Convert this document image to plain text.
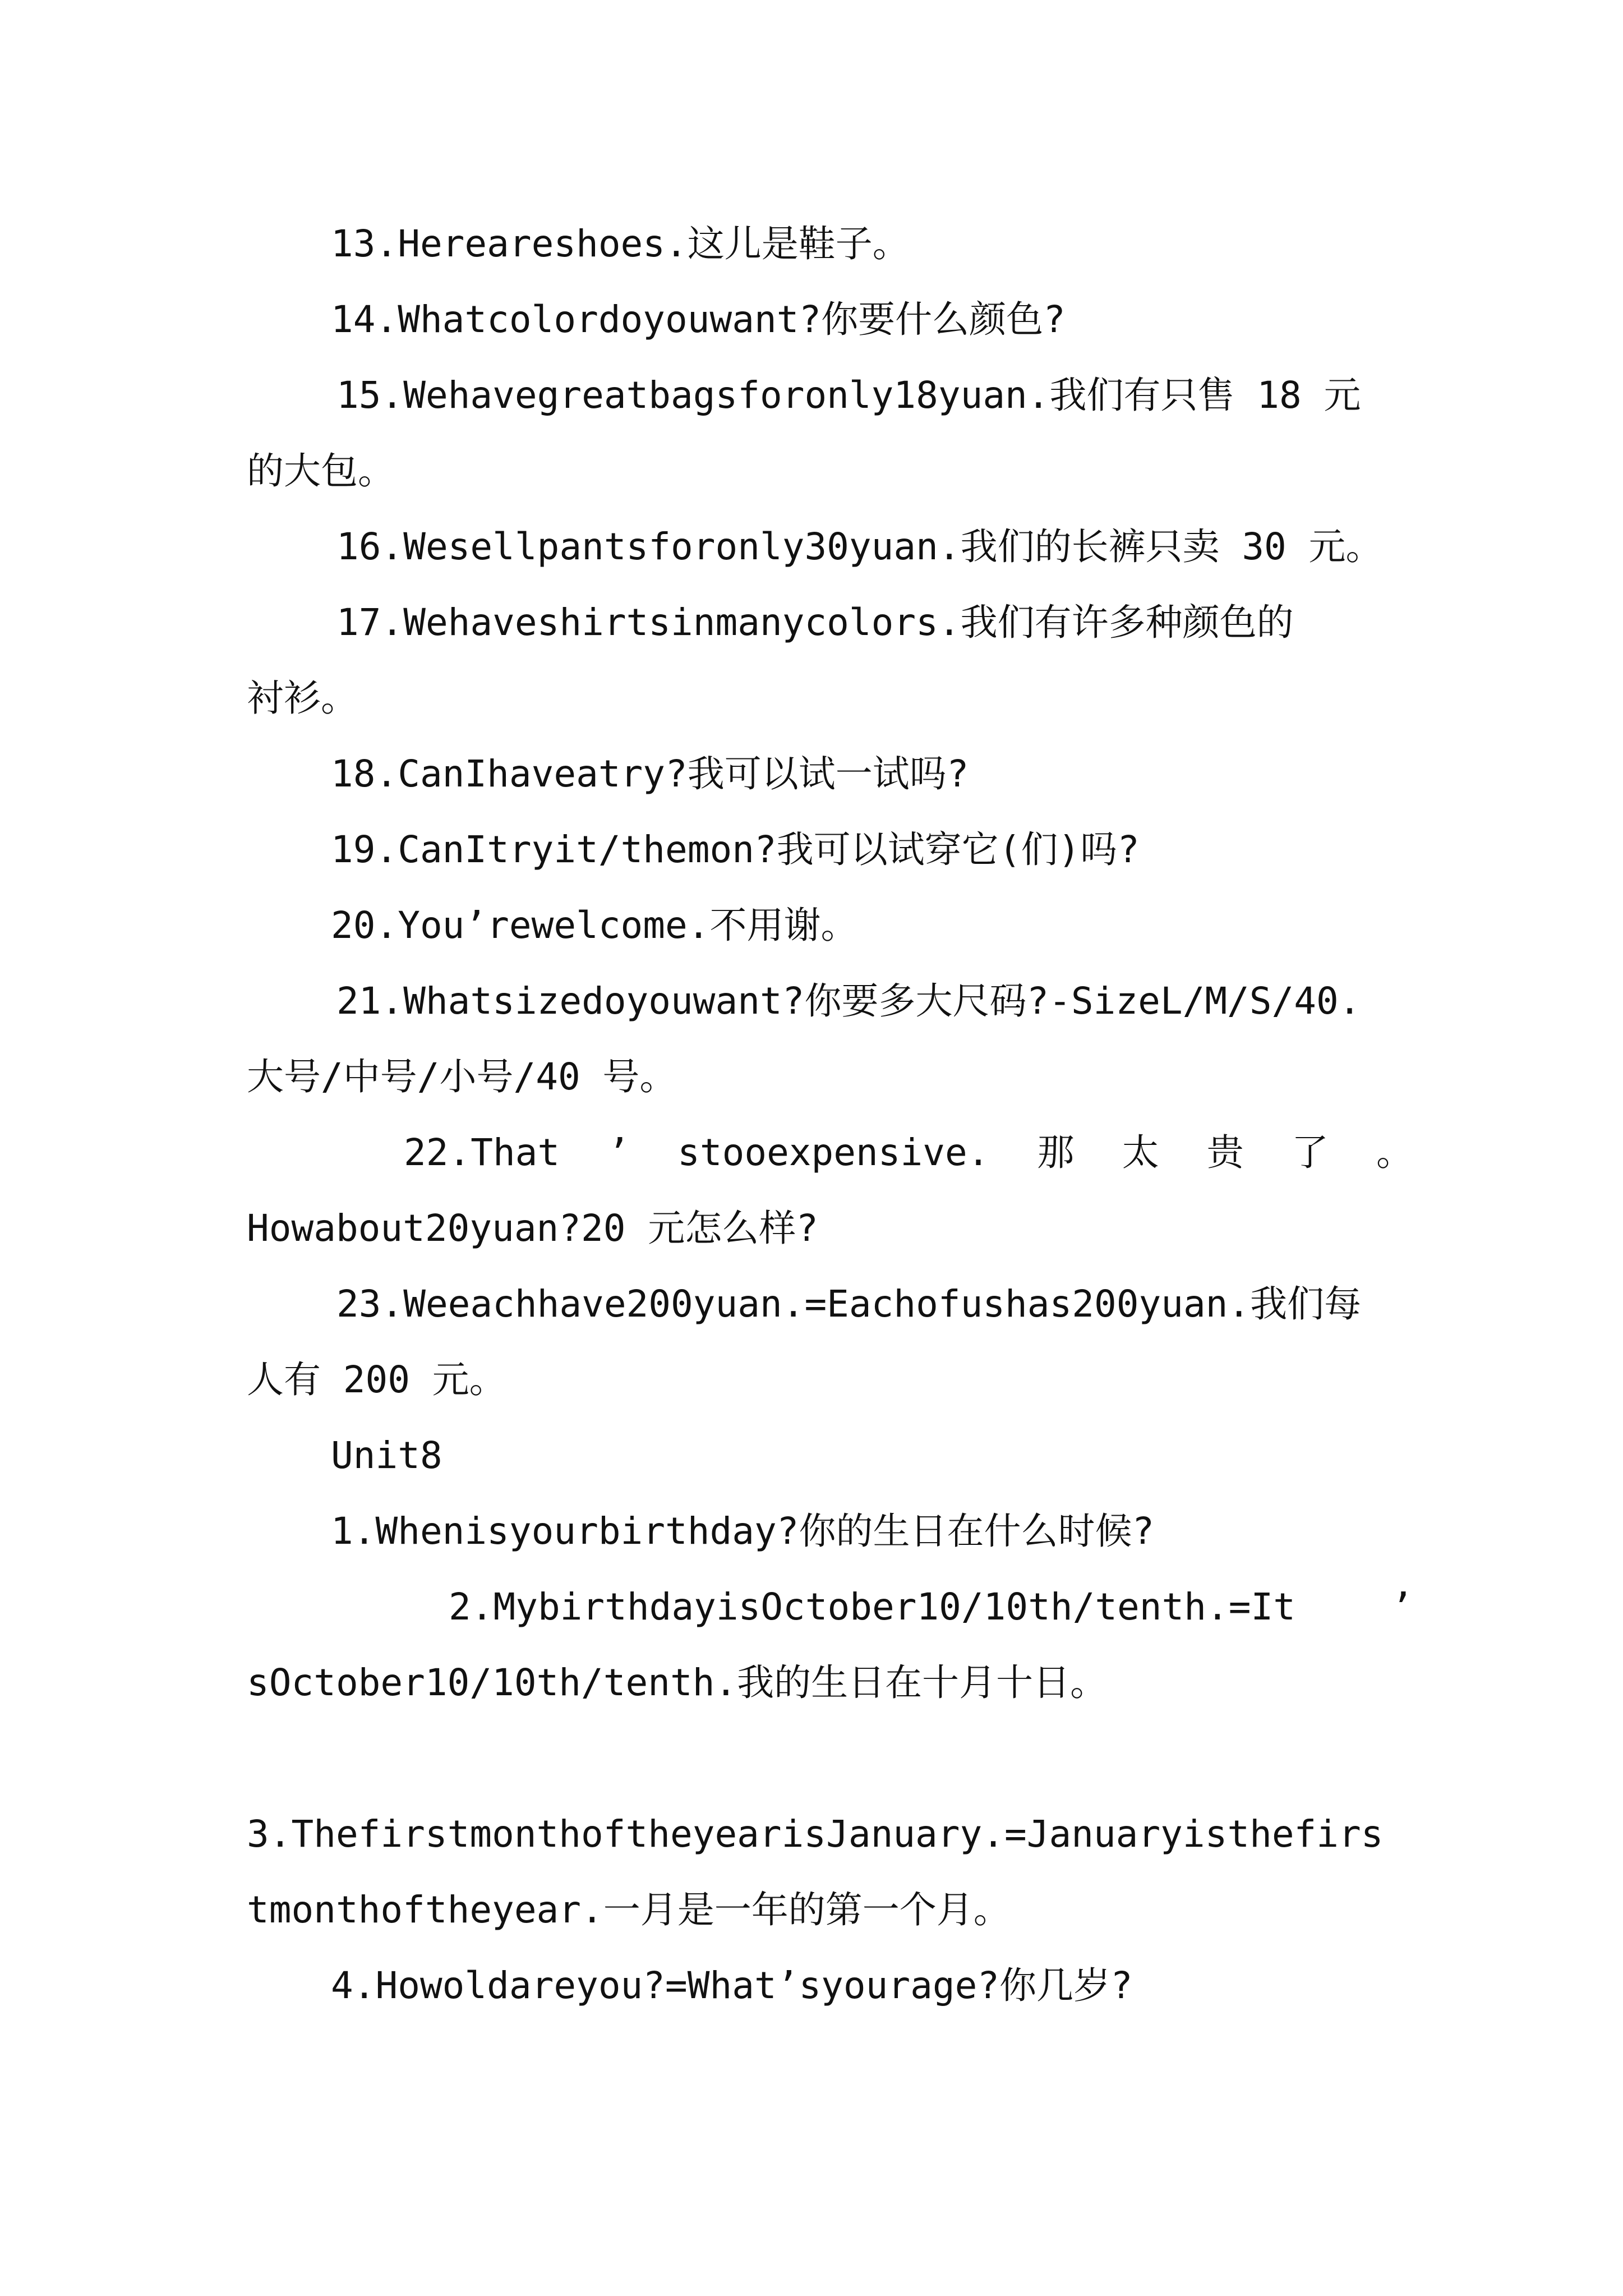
13.Hereareshoes.这儿是鞋子。
14.Whatcolordoyouwant?你要什么颜色?
15.Wehavegreatbagsforonly18yuan.我们有只售 18 元
的大包。
16.Wesellpantsforonly30yuan.我们的长裤只卖 30 元。
17.Wehaveshirtsinmanycolors.我们有许多种颜色的
衬衫。
18.CanIhaveatry?我可以试一试吗?
19.CanItryit/themon?我可以试穿它(们)吗?
20.You’rewelcome.不用谢。
21.Whatsizedoyouwant?你要多大尺码?-SizeL/M/S/40.
大号/中号/小号/40 号。
22.That ’ stooexpensive. 那 太 贵 了 。
Howabout20yuan?20 元怎么样?
23.Weeachhave200yuan.=Eachofushas200yuan.我们每
人有 200 元。
Unit8
1.Whenisyourbirthday?你的生日在什么时候?
2.MybirthdayisOctober10/10th/tenth.=It	’
sOctober10/10th/tenth.我的生日在十月十日。
3.ThefirstmonthoftheyearisJanuary.=Januaryisthefirs
tmonthoftheyear.一月是一年的第一个月。
4.Howoldareyou?=What’syourage?你几岁?
